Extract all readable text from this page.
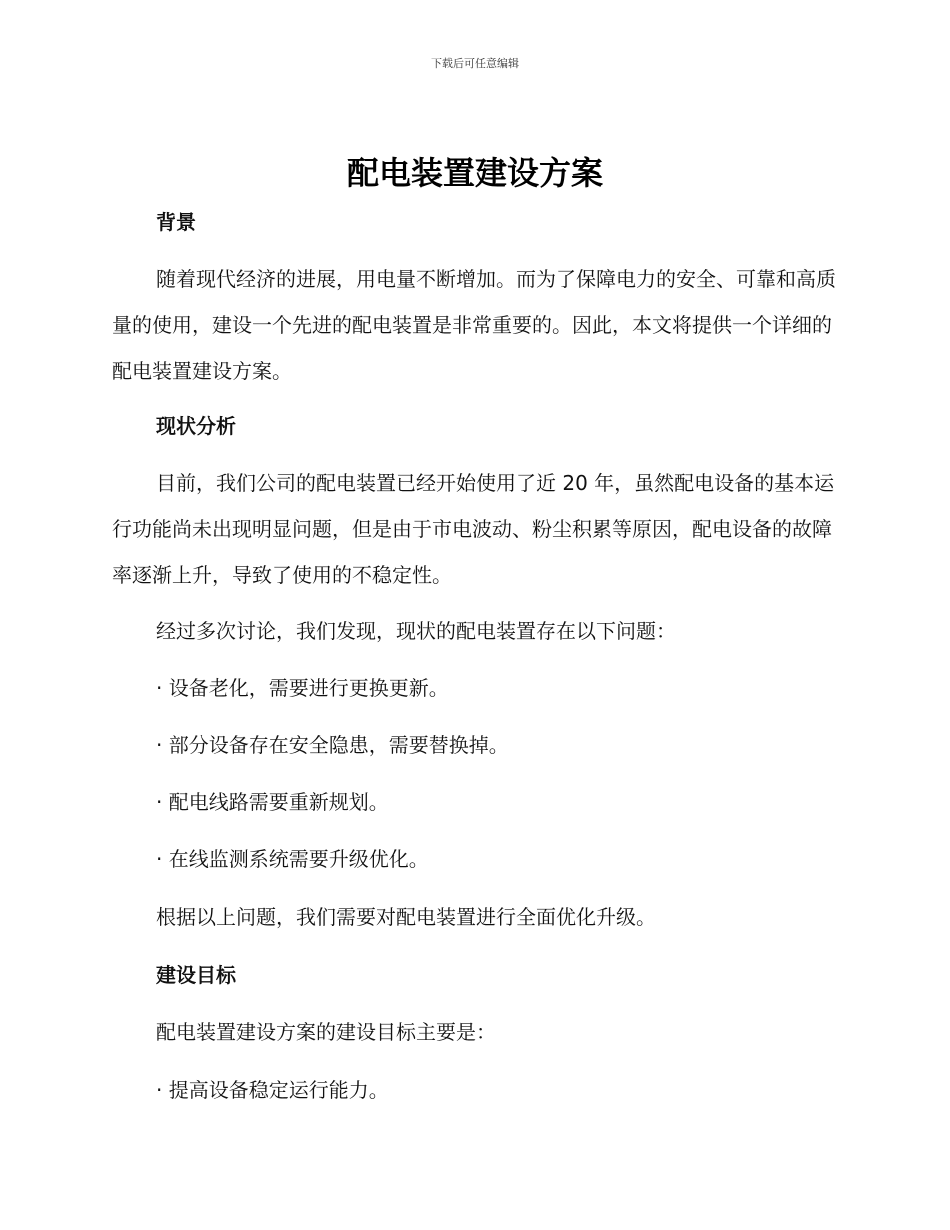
下载后可任意编辑
配电装置建设方案
背景
随着现代经济的进展，用电量不断增加。而为了保障电力的安全、可靠和高质量的使用，建设一个先进的配电装置是非常重要的。因此，本文将提供一个详细的配电装置建设方案。
现状分析
目前，我们公司的配电装置已经开始使用了近 20 年，虽然配电设备的基本运行功能尚未出现明显问题，但是由于市电波动、粉尘积累等原因，配电设备的故障率逐渐上升，导致了使用的不稳定性。
经过多次讨论，我们发现，现状的配电装置存在以下问题：
· 设备老化，需要进行更换更新。
· 部分设备存在安全隐患，需要替换掉。
· 配电线路需要重新规划。
· 在线监测系统需要升级优化。
根据以上问题，我们需要对配电装置进行全面优化升级。
建设目标
配电装置建设方案的建设目标主要是：
· 提高设备稳定运行能力。
